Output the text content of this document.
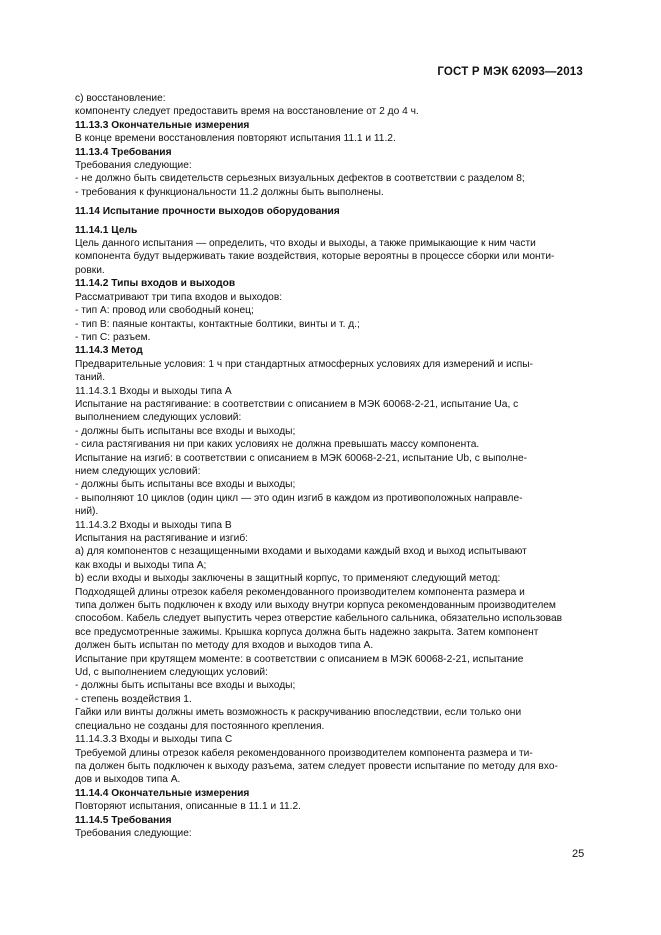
ГОСТ Р МЭК 62093—2013

с) восстановление:

компоненту следует предоставить время на восстановление от 2 до 4 ч.

11.13.3 Окончательные измерения

В конце времени восстановления повторяют испытания 11.1 и 11.2.

11.13.4 Требования

Требования следующие:

- не должно быть свидетельств серьезных визуальных дефектов в соответствии с разделом 8;

- требования к функциональности 11.2 должны быть выполнены.

11.14 Испытание прочности выходов оборудования

11.14.1 Цель

Цель данного испытания — определить, что входы и выходы, а также примыкающие к ним части

компонента будут выдерживать такие воздействия, которые вероятны в процессе сборки или монти-

ровки.

11.14.2 Типы входов и выходов

Рассматривают три типа входов и выходов:

- тип А: провод или свободный конец;

- тип В: паяные контакты, контактные болтики, винты и т. д.;

- тип С: разъем.

11.14.3 Метод

Предварительные условия: 1 ч при стандартных атмосферных условиях для измерений и испы-

таний.

11.14.3.1 Входы и выходы типа А

Испытание на растягивание: в соответствии с описанием в МЭК 60068-2-21, испытание Ua, с

выполнением следующих условий:

- должны быть испытаны все входы и выходы;

- сила растягивания ни при каких условиях не должна превышать массу компонента.

Испытание на изгиб: в соответствии с описанием в МЭК 60068-2-21, испытание Ub, с выполне-

нием следующих условий:

- должны быть испытаны все входы и выходы;

- выполняют 10 циклов (один цикл — это один изгиб в каждом из противоположных направле-

ний).

11.14.3.2 Входы и выходы типа В

Испытания на растягивание и изгиб:

a) для компонентов с незащищенными входами и выходами каждый вход и выход испытывают

как входы и выходы типа А;

b) если входы и выходы заключены в защитный корпус, то применяют следующий метод:

Подходящей длины отрезок кабеля рекомендованного производителем компонента размера и

типа должен быть подключен к входу или выходу внутри корпуса рекомендованным производителем

способом. Кабель следует выпустить через отверстие кабельного сальника, обязательно использовав

все предусмотренные зажимы. Крышка корпуса должна быть надежно закрыта. Затем компонент

должен быть испытан по методу для входов и выходов типа А.

Испытание при крутящем моменте: в соответствии с описанием в МЭК 60068-2-21, испытание

Ud, с выполнением следующих условий:

- должны быть испытаны все входы и выходы;

- степень воздействия 1.

Гайки или винты должны иметь возможность к раскручиванию впоследствии, если только они

специально не созданы для постоянного крепления.

11.14.3.3 Входы и выходы типа С

Требуемой длины отрезок кабеля рекомендованного производителем компонента размера и ти-

па должен быть подключен к выходу разъема, затем следует провести испытание по методу для вхо-

дов и выходов типа А.

11.14.4 Окончательные измерения

Повторяют испытания, описанные в 11.1 и 11.2.

11.14.5 Требования

Требования следующие:

25
